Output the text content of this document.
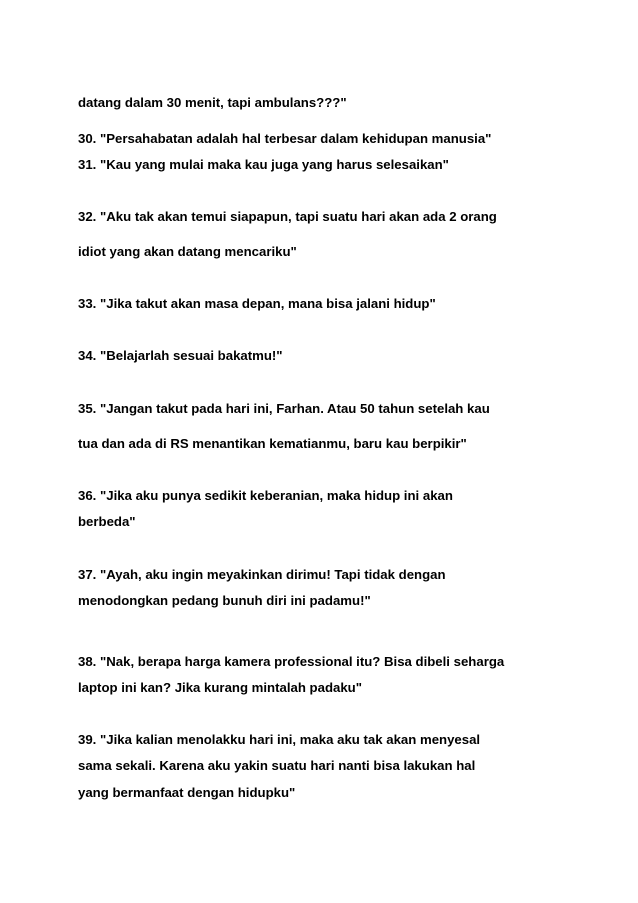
datang dalam 30 menit, tapi ambulans???"

30. "Persahabatan adalah hal terbesar dalam kehidupan manusia"

31. "Kau yang mulai maka kau juga yang harus selesaikan"

32. "Aku tak akan temui siapapun, tapi suatu hari akan ada 2 orang

idiot yang akan datang mencariku"

33. "Jika takut akan masa depan, mana bisa jalani hidup"

34. "Belajarlah sesuai bakatmu!"

35. "Jangan takut pada hari ini, Farhan. Atau 50 tahun setelah kau

tua dan ada di RS menantikan kematianmu, baru kau berpikir"

36. "Jika aku punya sedikit keberanian, maka hidup ini akan

berbeda"

37. "Ayah, aku ingin meyakinkan dirimu! Tapi tidak dengan

menodongkan pedang bunuh diri ini padamu!"

38. "Nak, berapa harga kamera professional itu? Bisa dibeli seharga

laptop ini kan? Jika kurang mintalah padaku"

39. "Jika kalian menolakku hari ini, maka aku tak akan menyesal

sama sekali. Karena aku yakin suatu hari nanti bisa lakukan hal

yang bermanfaat dengan hidupku"
